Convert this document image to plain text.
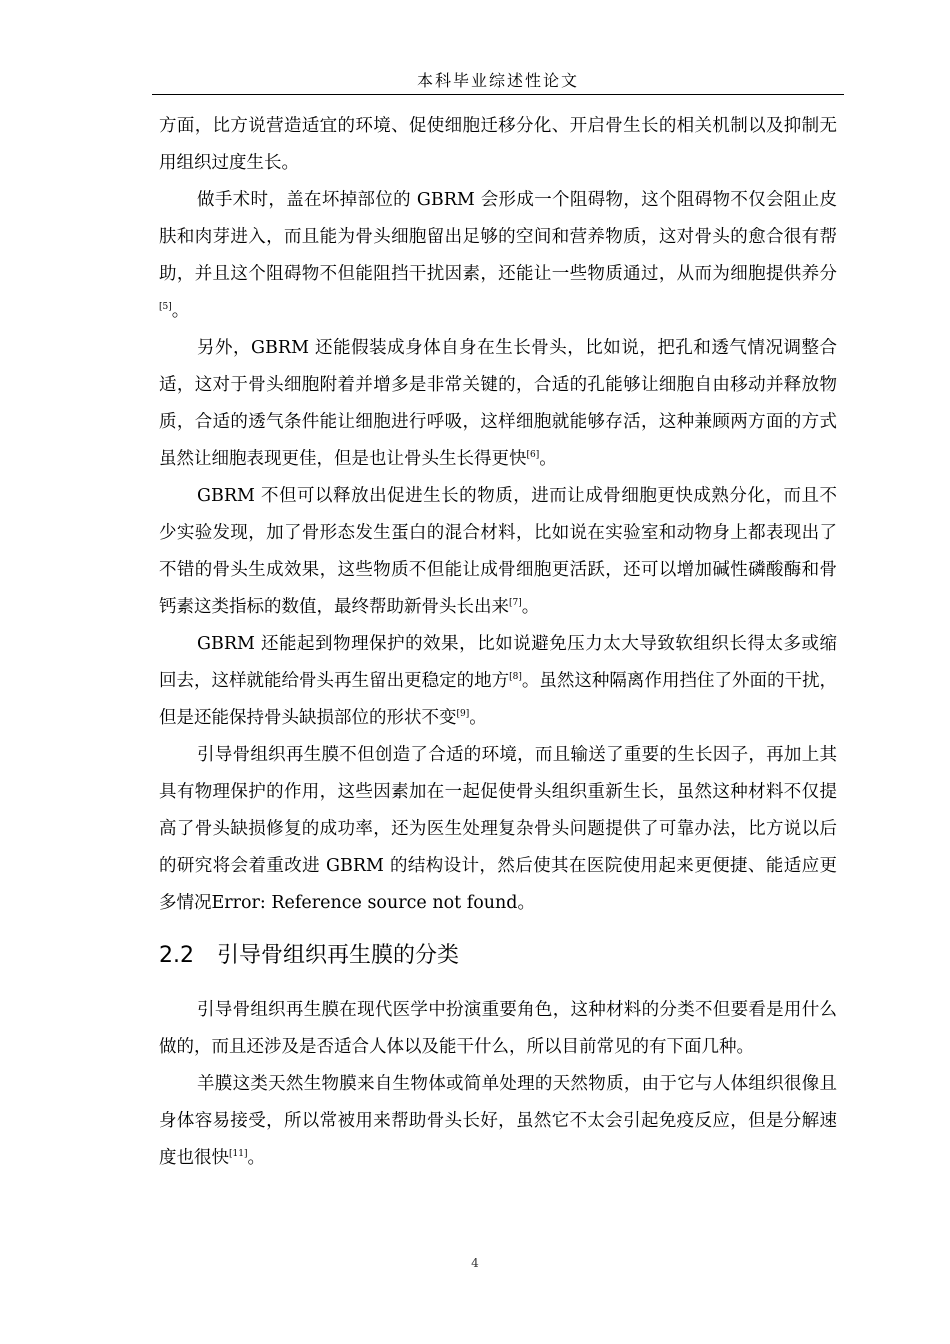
本科毕业综述性论文

方面，比方说营造适宜的环境、促使细胞迁移分化、开启骨生长的相关机制以及抑制无用组织过度生长。

做手术时，盖在坏掉部位的 GBRM 会形成一个阻碍物，这个阻碍物不仅会阻止皮肤和肉芽进入，而且能为骨头细胞留出足够的空间和营养物质，这对骨头的愈合很有帮助，并且这个阻碍物不但能阻挡干扰因素，还能让一些物质通过，从而为细胞提供养分[5]。

另外，GBRM 还能假装成身体自身在生长骨头，比如说，把孔和透气情况调整合适，这对于骨头细胞附着并增多是非常关键的，合适的孔能够让细胞自由移动并释放物质，合适的透气条件能让细胞进行呼吸，这样细胞就能够存活，这种兼顾两方面的方式虽然让细胞表现更佳，但是也让骨头生长得更快[6]。

GBRM 不但可以释放出促进生长的物质，进而让成骨细胞更快成熟分化，而且不少实验发现，加了骨形态发生蛋白的混合材料，比如说在实验室和动物身上都表现出了不错的骨头生成效果，这些物质不但能让成骨细胞更活跃，还可以增加碱性磷酸酶和骨钙素这类指标的数值，最终帮助新骨头长出来[7]。

GBRM 还能起到物理保护的效果，比如说避免压力太大导致软组织长得太多或缩回去，这样就能给骨头再生留出更稳定的地方[8]。虽然这种隔离作用挡住了外面的干扰，但是还能保持骨头缺损部位的形状不变[9]。

引导骨组织再生膜不但创造了合适的环境，而且输送了重要的生长因子，再加上其具有物理保护的作用，这些因素加在一起促使骨头组织重新生长，虽然这种材料不仅提高了骨头缺损修复的成功率，还为医生处理复杂骨头问题提供了可靠办法，比方说以后的研究将会着重改进 GBRM 的结构设计，然后使其在医院使用起来更便捷、能适应更多情况Error: Reference source not found。

2.2 引导骨组织再生膜的分类

引导骨组织再生膜在现代医学中扮演重要角色，这种材料的分类不但要看是用什么做的，而且还涉及是否适合人体以及能干什么，所以目前常见的有下面几种。

羊膜这类天然生物膜来自生物体或简单处理的天然物质，由于它与人体组织很像且身体容易接受，所以常被用来帮助骨头长好，虽然它不太会引起免疫反应，但是分解速度也很快[11]。

4
